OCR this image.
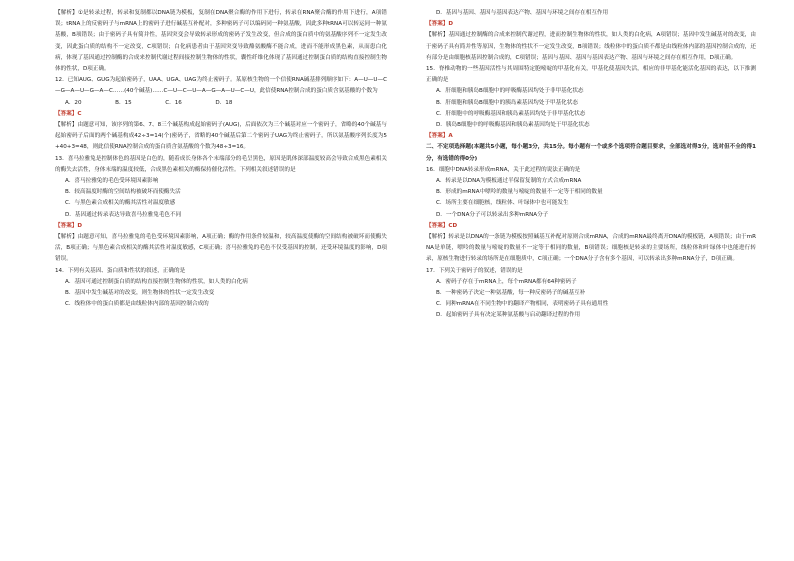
【解析】①是转录过程，转录和复制都以DNA链为模板，复制在DNA聚合酶的作用下进行，转录在RNA聚合酶的作用下进行，A项错误；tRNA上的反密码子与mRNA上的密码子进行碱基互补配对，多种密码子可以编码同一种氨基酸，因此多种tRNA可以转运同一种氨基酸，B项错误；由于密码子具有简并性，基因突变会导致转录形成的密码子发生改变，但合成的蛋白质中的氨基酸序列不一定发生改变，因此蛋白质的结构不一定改变，C项错误；白化病患者由于基因突变导致酪氨酸酶不能合成，进而不能形成黑色素，从而患白化病，体现了基因通过控制酶的合成来控制代谢过程间接控制生物体的性状，囊性纤维化体现了基因通过控制蛋白质的结构直接控制生物体的性状，D项正确。

12．已知AUG、GUG为起始密码子，UAA、UGA、UAG为终止密码子。某原核生物的一个信使RNA碱基排列顺序如下：A—U—U—C—G—A—U—G—A—C……(40个碱基)……C—U—C—U—A—G—A—U—C—U，此信使RNA控制合成的蛋白质含氨基酸的个数为

A．20　　　　　　B．15　　　　　　C．16　　　　　　D．18

【答案】C

【解析】由题意可知，该序列的第6、7、8三个碱基构成起始密码子(AUG)，后面依次为三个碱基对应一个密码子，省略的40个碱基与起始密码子后面的两个碱基构成42÷3=14(个)密码子，省略的40个碱基后第二个密码子UAG为终止密码子，所以氨基酸序列长度为5+40+3=48，则此信使RNA控制合成的蛋白质含氨基酸的个数为48÷3=16。

13．喜马拉雅兔是控制体色的基因是白色的，随着成长身体各个末端部分的毛呈黑色，原因是肌体深部温度较高会导致合成黑色素相关的酶失去活性，身体末端的温度较低，合成黑色素相关的酶保持催化活性。下列相关叙述错误的是

A．喜马拉雅兔的毛色受环境因素影响

B．较高温度时酶的空间结构被破坏而使酶失活

C．与黑色素合成相关的酶其活性对温度敏感

D．基因通过转录表达导致喜马拉雅兔毛色不同

【答案】D

【解析】由题意可知，喜马拉雅兔的毛色受环境因素影响，A项正确；酶的作用条件较温和，较高温度使酶的空间结构被破坏而使酶失活，B项正确；与黑色素合成相关的酶其活性对温度敏感，C项正确；喜马拉雅兔的毛色不仅受基因的控制，还受环境温度的影响，D项错误。

14．下列有关基因、蛋白质和性状的叙述，正确的是

A．基因可通过控制蛋白质的结构直接控制生物体的性状，如人类的白化病

B．基因中发生碱基对的改变，则生物体的性状一定发生改变

C．线粒体中的蛋白质都是由线粒体内部的基因控制合成的

D．基因与基因、基因与基因表达产物、基因与环境之间存在相互作用

【答案】D

【解析】基因通过控制酶的合成来控制代谢过程，进而控制生物体的性状，如人类的白化病，A项错误；基因中发生碱基对的改变，由于密码子具有简并性等原因，生物体的性状不一定发生改变，B项错误；线粒体中的蛋白质不都是由线粒体内部的基因控制合成的，还有部分是由细胞核基因控制合成的，C项错误；基因与基因、基因与基因表达产物、基因与环境之间存在相互作用，D项正确。

15．脊椎动物的一些基因活性与其周围特定胞嘧啶的甲基化有关，甲基化使基因失活，相应的非甲基化能活化基因的表达，以下推测正确的是

A．肝细胞和胰岛B细胞中的呼吸酶基因均处于非甲基化状态

B．肝细胞和胰岛B细胞中的胰岛素基因均处于甲基化状态

C．肝细胞中的呼吸酶基因和胰岛素基因均处于非甲基化状态

D．胰岛B细胞中的呼吸酶基因和胰岛素基因均处于甲基化状态

【答案】A

二、不定项选择题(本题共5小题，每小题3分，共15分。每小题有一个或多个选项符合题目要求，全部选对得3分，选对但不全的得1分，有选错的得0分)

16．细胞中DNA转录形成mRNA，关于此过程的说法正确的是

A．转录是以DNA为模板通过半保留复制的方式合成mRNA

B．形成的mRNA中嘌呤的数量与嘧啶的数量不一定等于相同的数量

C．场所主要在细胞核，线粒体、叶绿体中也可能发生

D．一个DNA分子可以转录出多种mRNA分子

【答案】CD

【解析】转录是以DNA的一条链为模板按照碱基互补配对原则合成mRNA，合成的mRNA最终离开DNA的模板链，A项错误；由于mRNA是单链，嘌呤的数量与嘧啶的数量不一定等于相同的数量，B项错误；细胞核是转录的主要场所，线粒体和叶绿体中也能进行转录，原核生物进行转录的场所是在细胞质中，C项正确；一个DNA分子含有多个基因，可以转录出多种mRNA分子，D项正确。

17．下列关于密码子的叙述，错误的是

A．密码子存在于mRNA上，每个mRNA都有64种密码子

B．一种密码子决定一种氨基酸，每一种反密码子的碱基互补

C．同种mRNA在不同生物中的翻译产物相同，表明密码子具有通用性

D．起始密码子具有决定某种氨基酸与启动翻译过程的作用
